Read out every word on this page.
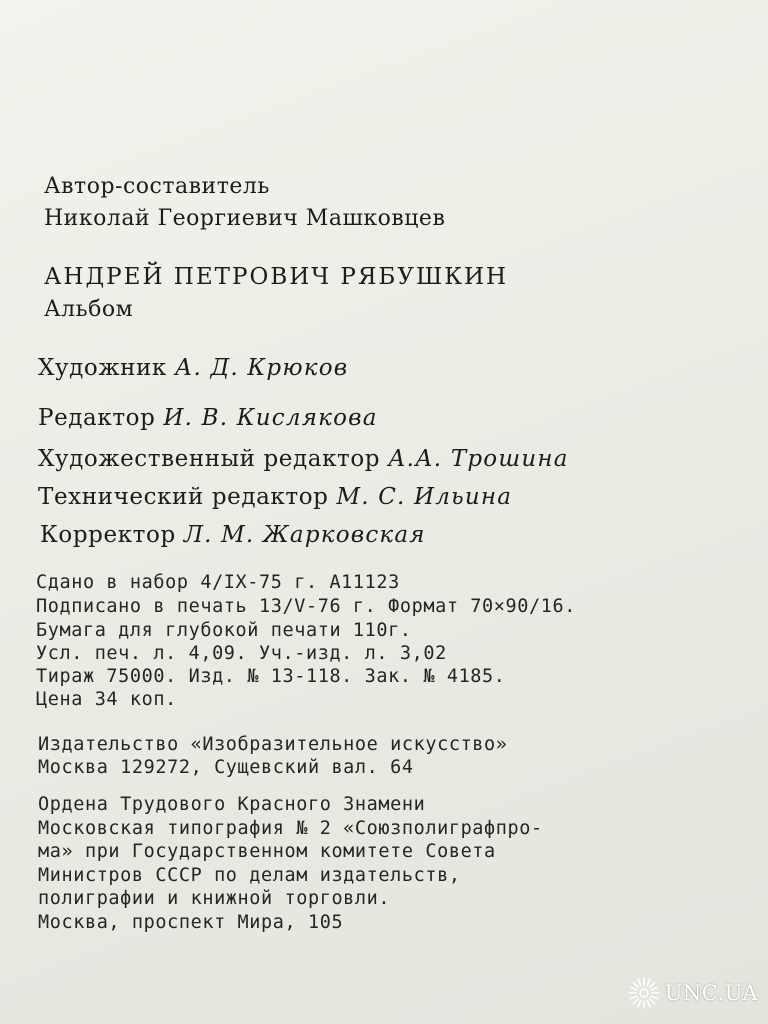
Автор-составитель
Николай Георгиевич Машковцев
АНДРЕЙ ПЕТРОВИЧ РЯБУШКИН
Альбом
Художник А. Д. Крюков
Редактор И. В. Кислякова
Художественный редактор А.А. Трошина
Технический редактор М. С. Ильина
Корректор Л. М. Жарковская
Сдано в набор 4/IX-75 г. А11123
Подписано в печать 13/V-76 г. Формат 70×90/16.
Бумага для глубокой печати 110г.
Усл. печ. л. 4,09. Уч.-изд. л. 3,02
Тираж 75000. Изд. № 13-118. Зак. № 4185.
Цена 34 коп.
Издательство «Изобразительное искусство»
Москва 129272, Сущевский вал. 64
Ордена Трудового Красного Знамени
Московская типография № 2 «Союзполиграфпро-
ма» при Государственном комитете Совета
Министров СССР по делам издательств,
полиграфии и книжной торговли.
Москва, проспект Мира, 105
UNC.UA
